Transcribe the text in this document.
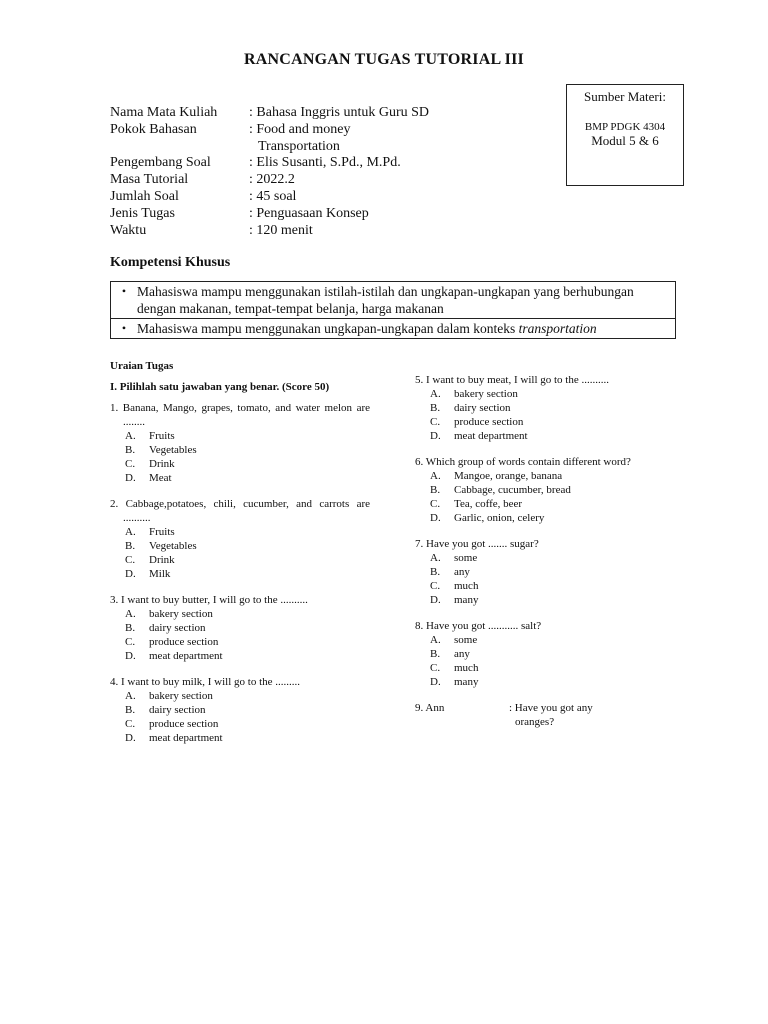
RANCANGAN TUGAS TUTORIAL III
Sumber Materi:
BMP PDGK 4304
Modul 5 & 6
Nama Mata Kuliah	: Bahasa Inggris untuk Guru SD
Pokok Bahasan	: Food and money
Transportation
Pengembang Soal	: Elis Susanti, S.Pd., M.Pd.
Masa Tutorial	: 2022.2
Jumlah Soal	: 45 soal
Jenis Tugas	: Penguasaan Konsep
Waktu	: 120 menit
Kompetensi Khusus
• Mahasiswa mampu menggunakan istilah-istilah dan ungkapan-ungkapan yang berhubungan dengan makanan, tempat-tempat belanja, harga makanan
• Mahasiswa mampu menggunakan ungkapan-ungkapan dalam konteks transportation
Uraian Tugas
I. Pilihlah satu jawaban yang benar. (Score 50)
1. Banana, Mango, grapes, tomato, and water melon are ........
A.	Fruits
B.	Vegetables
C.	Drink
D.	Meat
2. Cabbage,potatoes, chili, cucumber, and carrots are ..........
A.	Fruits
B.	Vegetables
C.	Drink
D.	Milk
3. I want to buy butter, I will go to the ..........
A.	bakery section
B.	dairy section
C.	produce section
D.	meat department
4. I want to buy milk, I will go to the .........
A.	bakery section
B.	dairy section
C.	produce section
D.	meat department
5. I want to buy meat, I will go to the ..........
A.	bakery section
B.	dairy section
C.	produce section
D.	meat department
6. Which group of words contain different word?
A.	Mangoe, orange, banana
B.	Cabbage, cucumber, bread
C.	Tea, coffe, beer
D.	Garlic, onion, celery
7. Have you got ....... sugar?
A.	some
B.	any
C.	much
D.	many
8. Have you got ........... salt?
A.	some
B.	any
C.	much
D.	many
9. Ann	: Have you got any
oranges?
